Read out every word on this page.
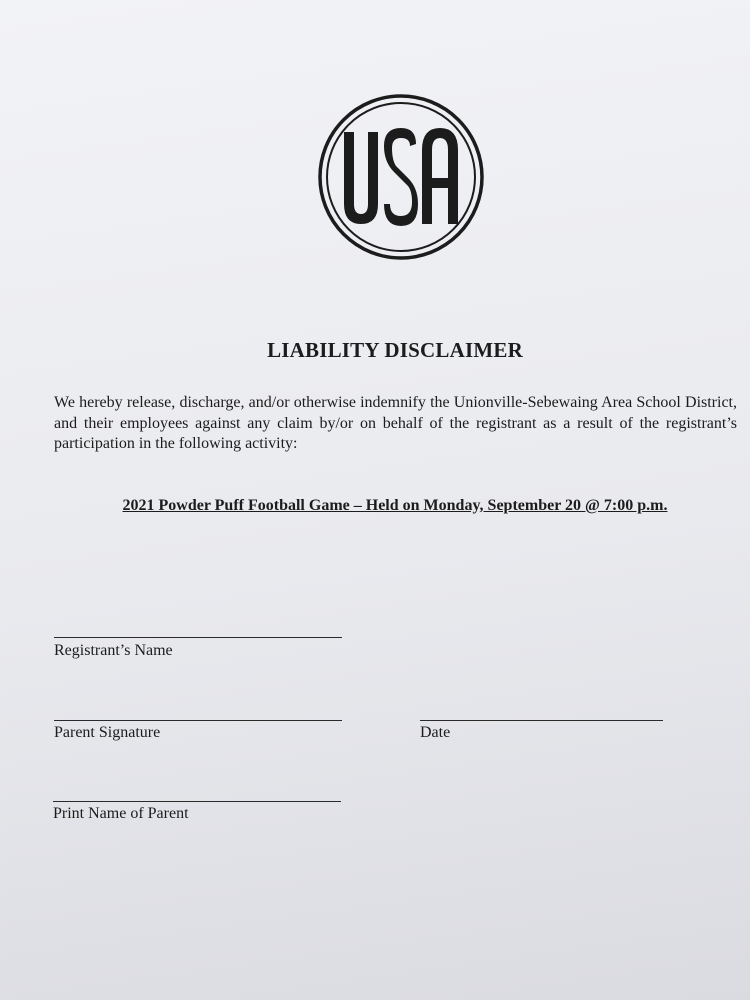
LIABILITY DISCLAIMER
We hereby release, discharge, and/or otherwise indemnify the Unionville-Sebewaing Area School District, and their employees against any claim by/or on behalf of the registrant as a result of the registrant’s participation in the following activity:
2021 Powder Puff Football Game – Held on Monday, September 20 @ 7:00 p.m.
Registrant’s Name
Parent Signature	Date
Print Name of Parent
